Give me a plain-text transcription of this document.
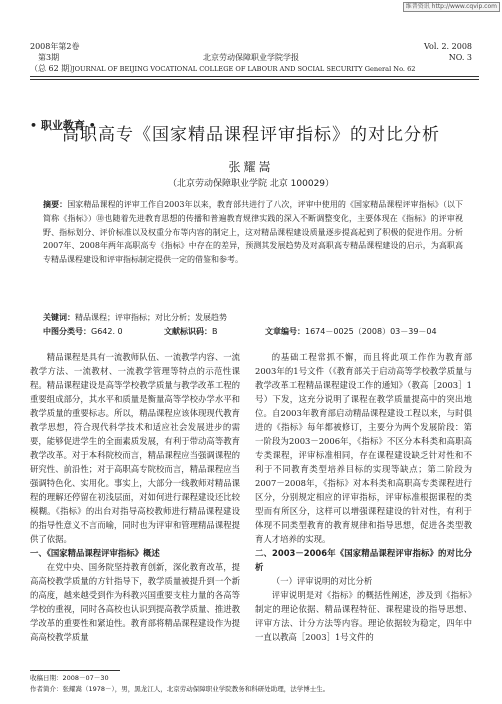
维普资讯 http://www.cqvip.com
2008年第2卷
第3期
（总 62 期）
北京劳动保障职业学院学报
Vol. 2. 2008
NO. 3
JOURNAL OF BEIJING VOCATIONAL COLLEGE OF LABOUR AND SOCIAL SECURITY General No. 62
• 职业教育 •
高职高专《国家精品课程评审指标》的对比分析
张耀嵩
（北京劳动保障职业学院 北京 100029）
摘要：国家精品课程的评审工作自2003年以来，教育部共进行了八次，评审中使用的《国家精品课程评审指标》（以下简称《指标》）⑩也随着先进教育思想的传播和普遍教育规律实践的深入不断调整变化，主要体现在《指标》的评审视野、指标划分、评价标准以及权重分布等内容的制定上，这对精品课程建设质量逐步提高起到了积极的促进作用。分析2007年、2008年两年高职高专《指标》中存在的差异，预测其发展趋势及对高职高专精品课程建设的启示，为高职高专精品课程建设和评审指标制定提供一定的借鉴和参考。
关键词：精品课程；评审指标；对比分析；发展趋势
中图分类号：G642. 0	文献标识码：B	文章编号：1674－0025（2008）03－39－04

精品课程是具有一流教师队伍、一流教学内容、一流教学方法、一流教材、一流教学管理等特点的示范性课程。精品课程建设是高等学校教学质量与教学改革工程的重要组成部分，其水平和质量是衡量高等学校办学水平和教学质量的重要标志。所以，精品课程应该体现现代教育教学思想，符合现代科学技术和适应社会发展进步的需要，能够促进学生的全面素质发展，有利于带动高等教育教学改革。对于本科院校而言，精品课程应当强调课程的研究性、前沿性；对于高职高专院校而言，精品课程应当强调特色化、实用化。事实上，大部分一线教师对精品课程的理解还停留在初浅层面，对如何进行课程建设还比较模糊。《指标》的出台对指导高校教师进行精品课程建设的指导性意义不言而喻，同时也为评审和管理精品课程提供了依据。

一、《国家精品课程评审指标》概述

在党中央、国务院坚持教育创新，深化教育改革，提高高校教学质量的方针指导下，教学质量被提升到一个新的高度，越来越受到作为科教兴国重要支柱力量的各高等学校的重视，同时各高校也认识到提高教学质量、推进教学改革的重要性和紧迫性。教育部将精品课程建设作为提高高校教学质量

的基础工程常抓不懈，而且将此项工作作为教育部2003年的1号文件（《教育部关于启动高等学校教学质量与教学改革工程精品课程建设工作的通知》（教高［2003］1号）下发，这充分说明了课程在教学质量提高中的突出地位。自2003年教育部启动精品课程建设工程以来，与时俱进的《指标》每年都被修订，主要分为两个发展阶段：第一阶段为2003－2006年，《指标》不区分本科类和高职高专类课程，评审标准相同，存在课程建设缺乏针对性和不利于不同教育类型培养目标的实现等缺点；第二阶段为2007－2008年，《指标》对本科类和高职高专类课程进行区分，分别规定相应的评审指标，评审标准根据课程的类型而有所区分，这样可以增强课程建设的针对性，有利于体现不同类型教育的教育规律和指导思想，促进各类型教育人才培养的实现。

二、2003－2006年《国家精品课程评审指标》的对比分析

（一）评审说明的对比分析

评审说明是对《指标》的概括性阐述，涉及到《指标》制定的理论依据、精品课程特征、课程建设的指导思想、评审方法、计分方法等内容。理论依据较为稳定，四年中一直以教高［2003］1号文件的

收稿日期：2008－07－30
作者简介：张耀嵩（1978－），男，黑龙江人，北京劳动保障职业学院教务和科研处助理，法学博士生。
